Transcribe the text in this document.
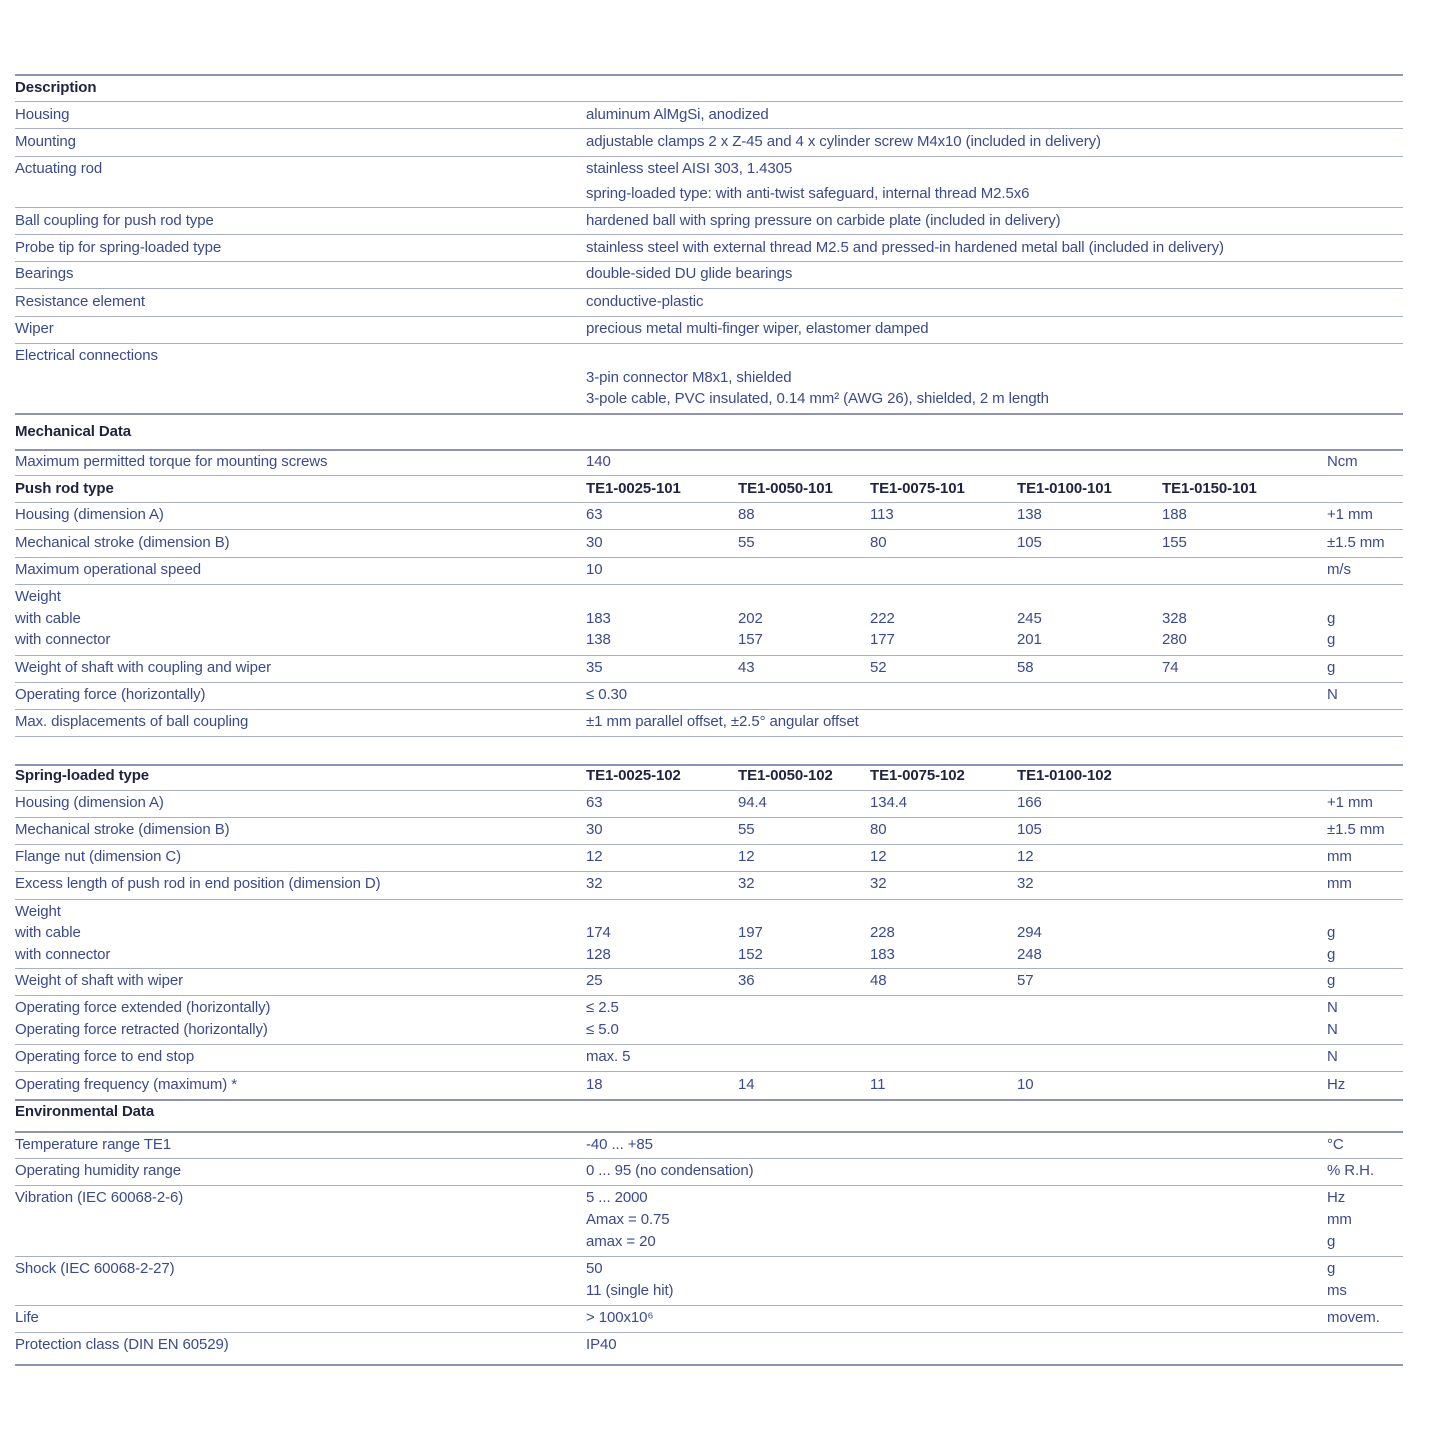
Description
Housing	aluminum AlMgSi, anodized
Mounting	adjustable clamps 2 x Z-45 and 4 x cylinder screw M4x10 (included in delivery)
Actuating rod	stainless steel AISI 303, 1.4305
spring-loaded type: with anti-twist safeguard, internal thread M2.5x6
Ball coupling for push rod type	hardened ball with spring pressure on carbide plate (included in delivery)
Probe tip for spring-loaded type	stainless steel with external thread M2.5 and pressed-in hardened metal ball (included in delivery)
Bearings	double-sided DU glide bearings
Resistance element	conductive-plastic
Wiper	precious metal multi-finger wiper, elastomer damped
Electrical connections
3-pin connector M8x1, shielded
3-pole cable, PVC insulated, 0.14 mm² (AWG 26), shielded, 2 m length
Mechanical Data
Maximum permitted torque for mounting screws	140	Ncm
Push rod type	TE1-0025-101	TE1-0050-101 TE1-0075-101	TE1-0100-101	TE1-0150-101
Housing (dimension A)	63	88	113	138	188	+1 mm
Mechanical stroke (dimension B)	30	55	80	105	155	±1.5 mm
Maximum operational speed	10	m/s
Weight
with cable	183	202	222	245	328	g
with connector	138	157	177	201	280	g
Weight of shaft with coupling and wiper	35	43	52	58	74	g
Operating force (horizontally)	≤ 0.30	N
Max. displacements of ball coupling	±1 mm parallel offset, ±2.5° angular offset
Spring-loaded type	TE1-0025-102	TE1-0050-102 TE1-0075-102	TE1-0100-102
Housing (dimension A)	63	94.4	134.4	166	+1 mm
Mechanical stroke (dimension B)	30	55	80	105	±1.5 mm
Flange nut (dimension C)	12	12	12	12	mm
Excess length of push rod in end position (dimension D)	32	32	32	32	mm
Weight
with cable	174	197	228	294	g
with connector	128	152	183	248	g
Weight of shaft with wiper	25	36	48	57	g
Operating force extended (horizontally)	≤ 2.5	N
Operating force retracted (horizontally)	≤ 5.0	N
Operating force to end stop	max. 5	N
Operating frequency (maximum) *	18	14	11	10	Hz
Environmental Data
Temperature range TE1	-40 ... +85	°C
Operating humidity range	0 ... 95 (no condensation)	% R.H.
Vibration (IEC 60068-2-6)	5 ... 2000	Hz
Amax = 0.75	mm
amax = 20	g
Shock (IEC 60068-2-27)	50	g
11 (single hit)	ms
Life	> 100x10⁶	movem.
Protection class (DIN EN 60529)	IP40
